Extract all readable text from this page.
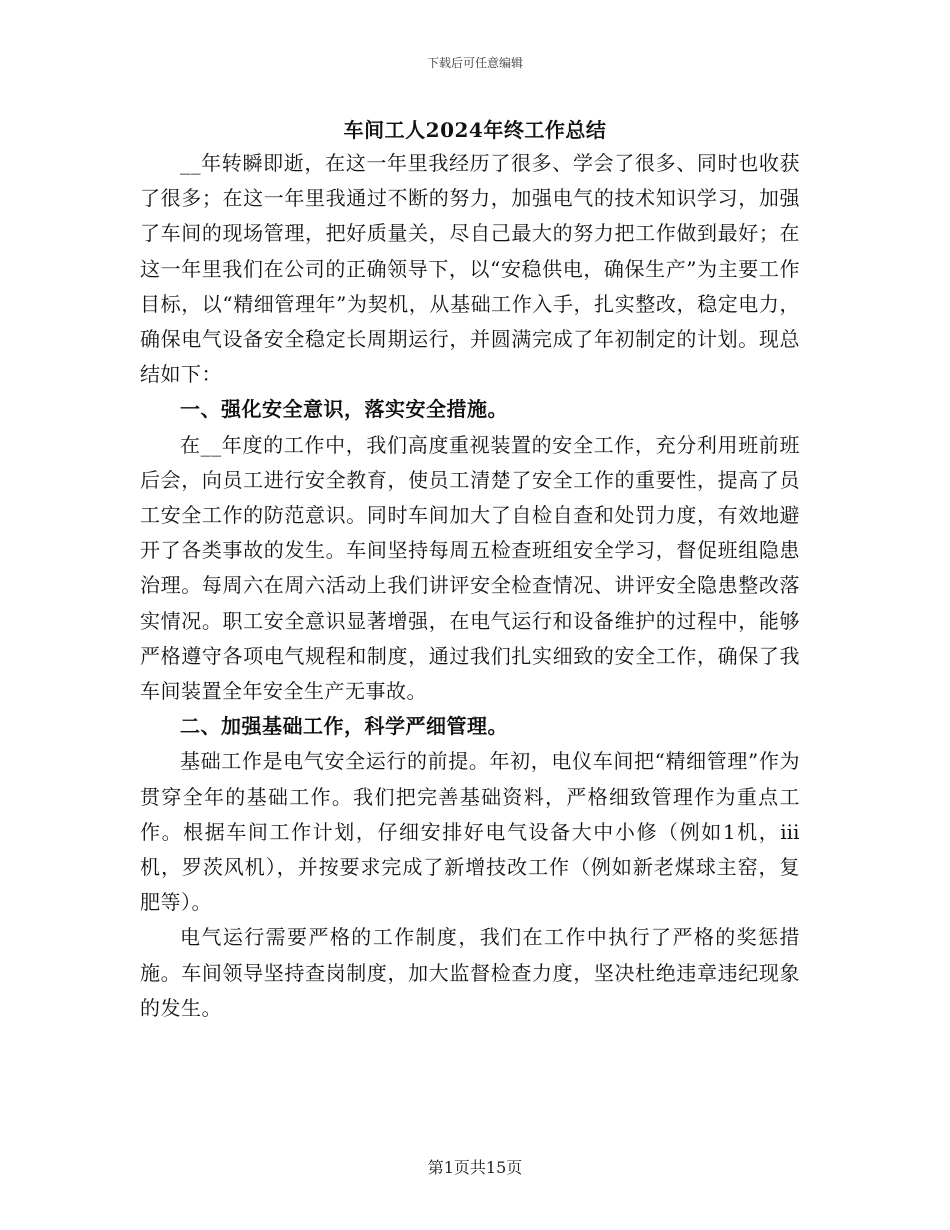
下载后可任意编辑
车间工人2024年终工作总结

__年转瞬即逝，在这一年里我经历了很多、学会了很多、同时也收获了很多；在这一年里我通过不断的努力，加强电气的技术知识学习，加强了车间的现场管理，把好质量关，尽自己最大的努力把工作做到最好；在这一年里我们在公司的正确领导下，以“安稳供电，确保生产”为主要工作目标，以“精细管理年”为契机，从基础工作入手，扎实整改，稳定电力，确保电气设备安全稳定长周期运行，并圆满完成了年初制定的计划。现总结如下：

一、强化安全意识，落实安全措施。

在__年度的工作中，我们高度重视装置的安全工作，充分利用班前班后会，向员工进行安全教育，使员工清楚了安全工作的重要性，提高了员工安全工作的防范意识。同时车间加大了自检自查和处罚力度，有效地避开了各类事故的发生。车间坚持每周五检查班组安全学习，督促班组隐患治理。每周六在周六活动上我们讲评安全检查情况、讲评安全隐患整改落实情况。职工安全意识显著增强，在电气运行和设备维护的过程中，能够严格遵守各项电气规程和制度，通过我们扎实细致的安全工作，确保了我车间装置全年安全生产无事故。

二、加强基础工作，科学严细管理。

基础工作是电气安全运行的前提。年初，电仪车间把“精细管理”作为贯穿全年的基础工作。我们把完善基础资料，严格细致管理作为重点工作。根据车间工作计划，仔细安排好电气设备大中小修（例如1机，ⅲ机，罗茨风机），并按要求完成了新增技改工作（例如新老煤球主窑，复肥等）。

电气运行需要严格的工作制度，我们在工作中执行了严格的奖惩措施。车间领导坚持查岗制度，加大监督检查力度，坚决杜绝违章违纪现象的发生。

第1页共15页
